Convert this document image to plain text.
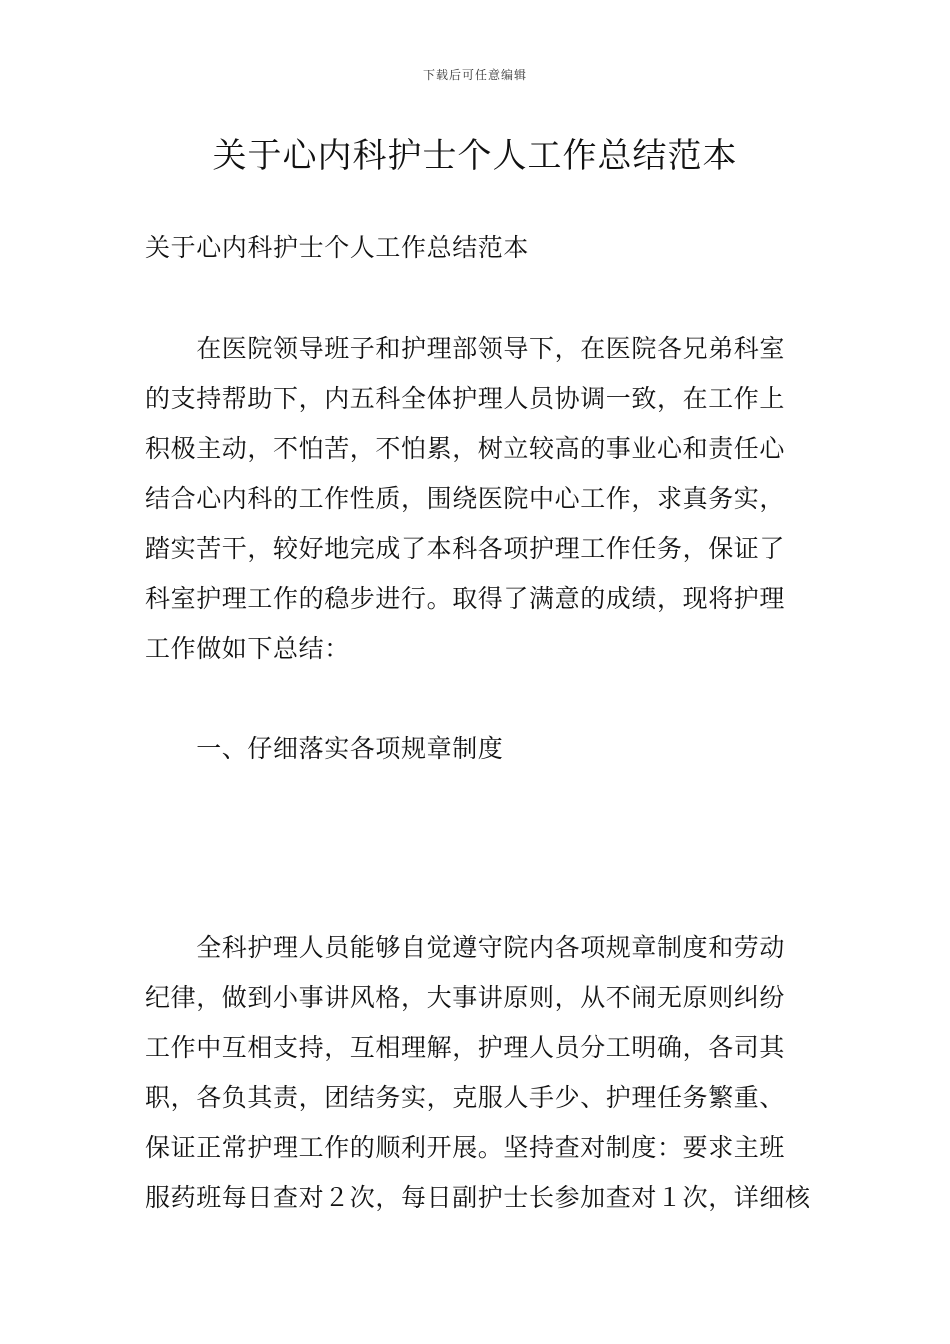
下载后可任意编辑
关于心内科护士个人工作总结范本
关于心内科护士个人工作总结范本
　　在医院领导班子和护理部领导下，在医院各兄弟科室
的支持帮助下，内五科全体护理人员协调一致，在工作上
积极主动，不怕苦，不怕累，树立较高的事业心和责任心
结合心内科的工作性质，围绕医院中心工作，求真务实，
踏实苦干，较好地完成了本科各项护理工作任务，保证了
科室护理工作的稳步进行。取得了满意的成绩，现将护理
工作做如下总结：
　　一、仔细落实各项规章制度
　　全科护理人员能够自觉遵守院内各项规章制度和劳动
纪律，做到小事讲风格，大事讲原则，从不闹无原则纠纷
工作中互相支持，互相理解，护理人员分工明确，各司其
职，各负其责，团结务实，克服人手少、护理任务繁重、
保证正常护理工作的顺利开展。坚持查对制度：要求主班
服药班每日查对２次，每日副护士长参加查对１次，详细核
